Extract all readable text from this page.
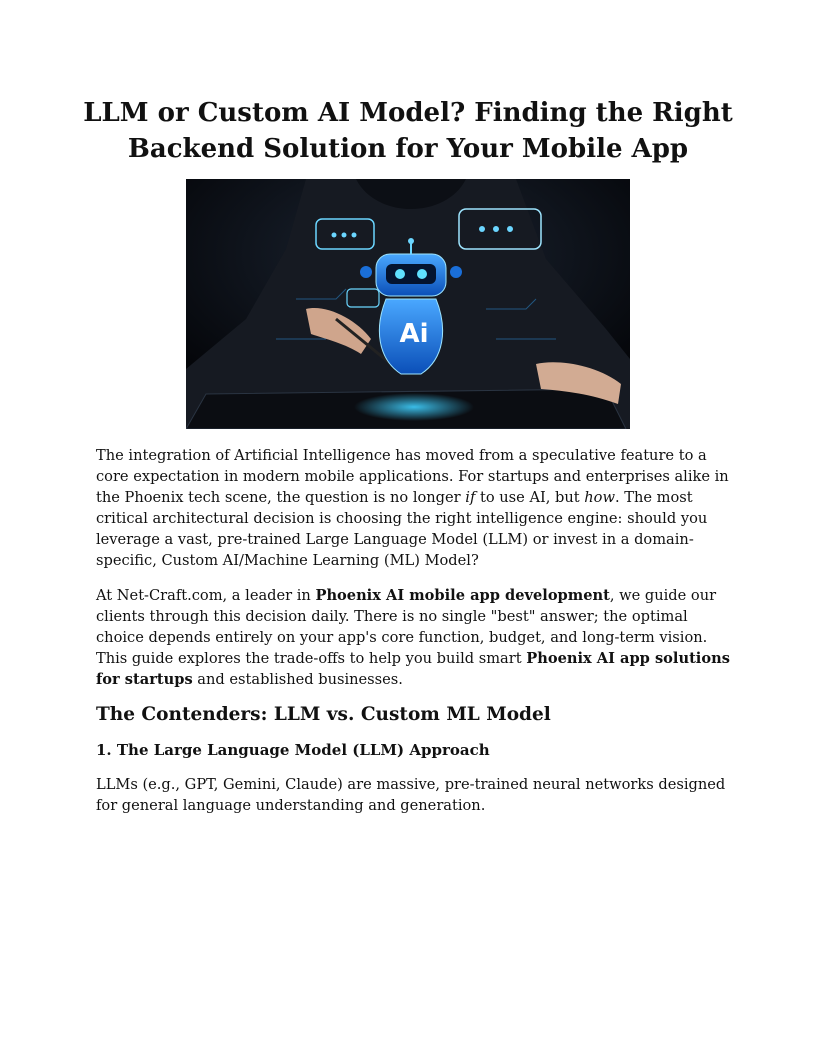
LLM or Custom AI Model? Finding the Right Backend Solution for Your Mobile App
Ai

The integration of Artificial Intelligence has moved from a speculative feature to a core expectation in modern mobile applications. For startups and enterprises alike in the Phoenix tech scene, the question is no longer if to use AI, but how. The most critical architectural decision is choosing the right intelligence engine: should you leverage a vast, pre-trained Large Language Model (LLM) or invest in a domain-specific, Custom AI/Machine Learning (ML) Model?

At Net-Craft.com, a leader in Phoenix AI mobile app development, we guide our clients through this decision daily. There is no single "best" answer; the optimal choice depends entirely on your app's core function, budget, and long-term vision. This guide explores the trade-offs to help you build smart Phoenix AI app solutions for startups and established businesses.

The Contenders: LLM vs. Custom ML Model
1. The Large Language Model (LLM) Approach

LLMs (e.g., GPT, Gemini, Claude) are massive, pre-trained neural networks designed for general language understanding and generation.
